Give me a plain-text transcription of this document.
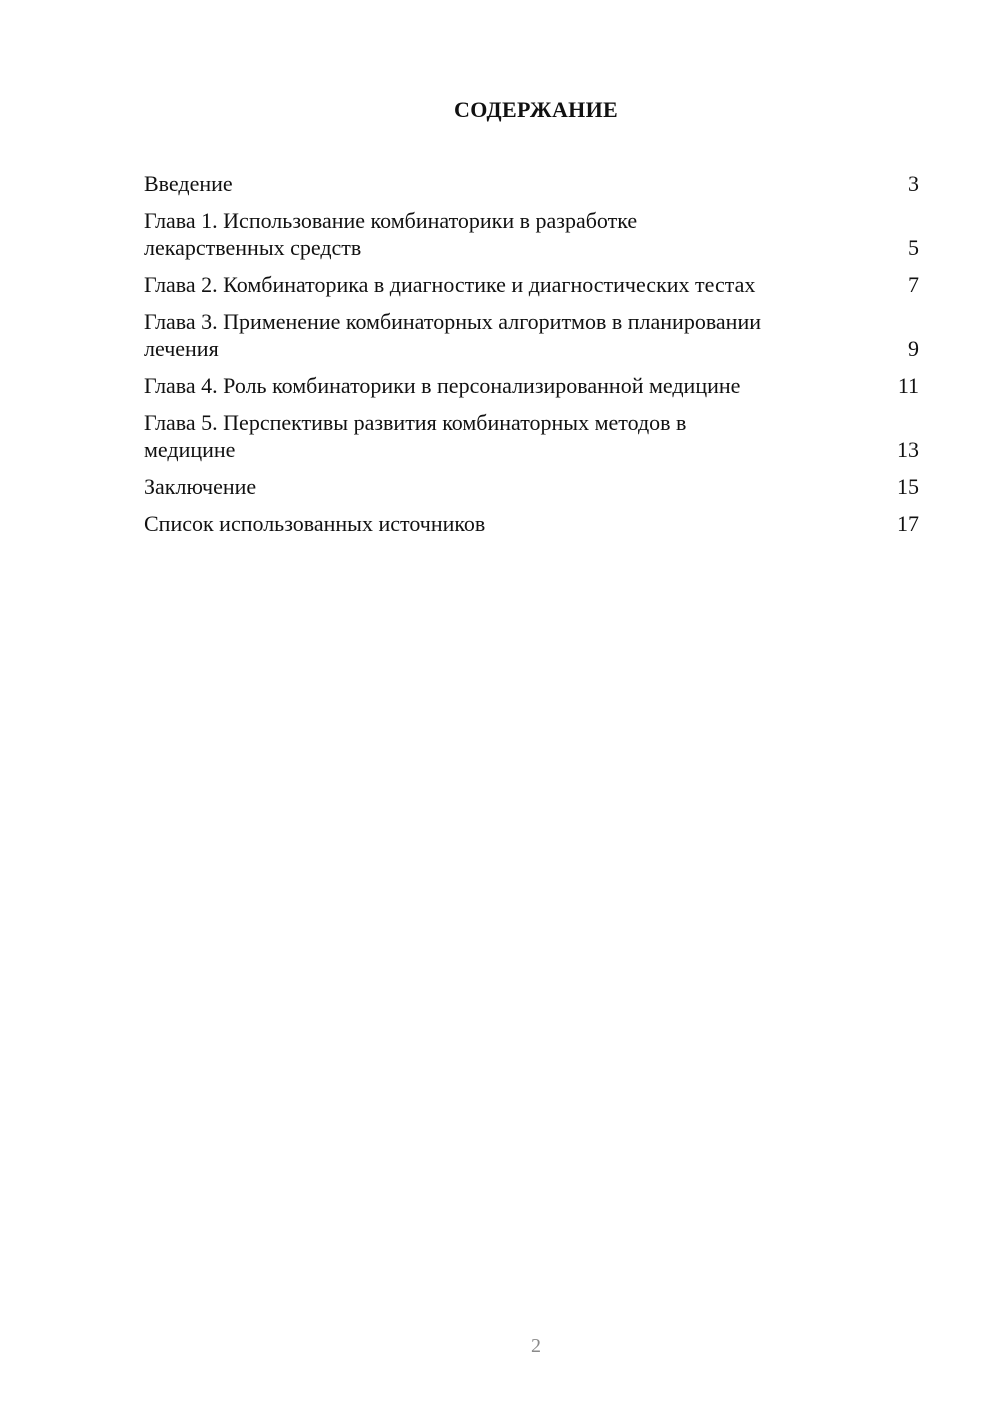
СОДЕРЖАНИЕ
Введение	3
Глава 1. Использование комбинаторики в разработке лекарственных средств	5
Глава 2. Комбинаторика в диагностике и диагностических тестах	7
Глава 3. Применение комбинаторных алгоритмов в планировании лечения	9
Глава 4. Роль комбинаторики в персонализированной медицине	11
Глава 5. Перспективы развития комбинаторных методов в медицине	13
Заключение	15
Список использованных источников	17
2
